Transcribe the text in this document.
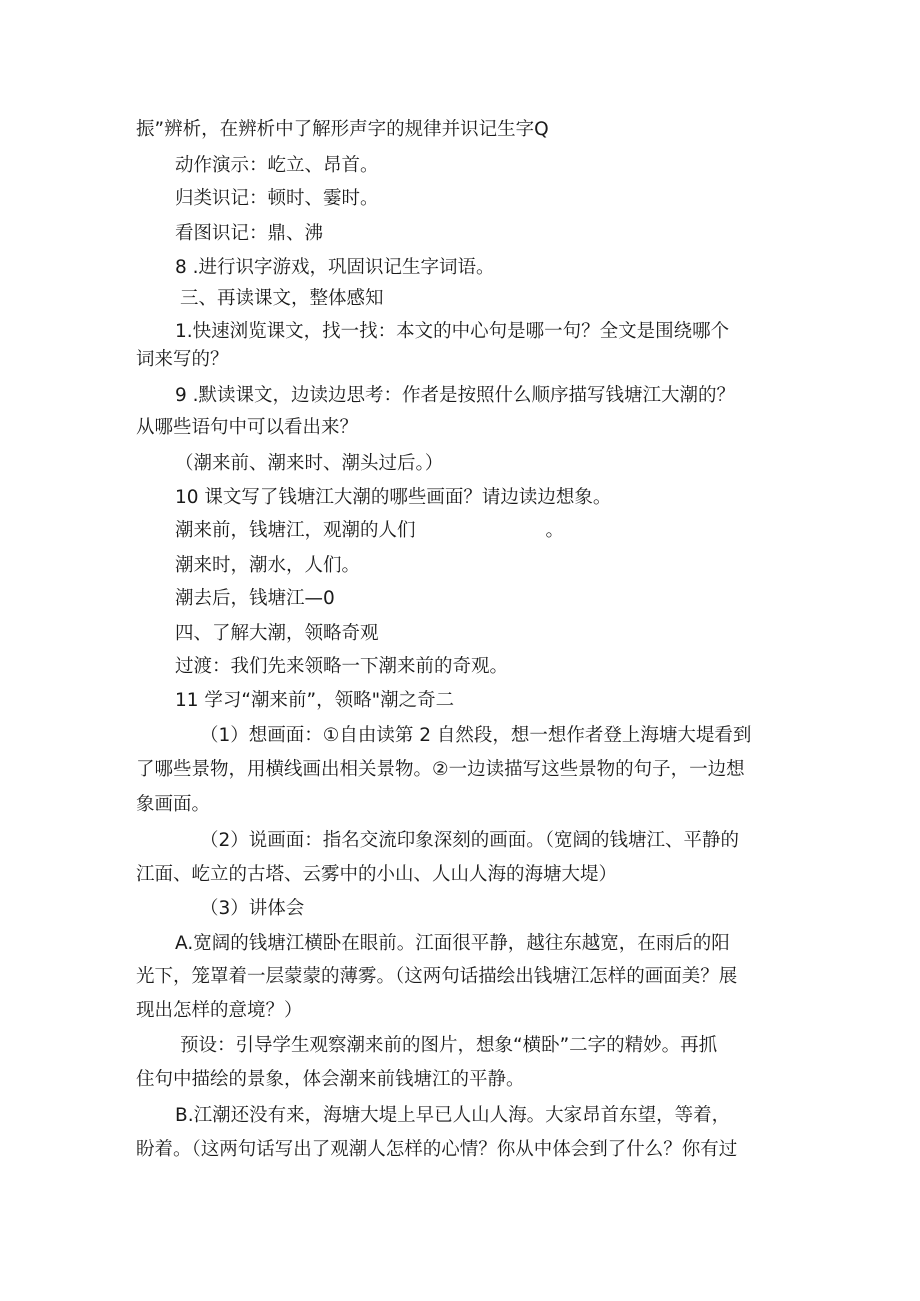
振”辨析，在辨析中了解形声字的规律并识记生字Q
动作演示：屹立、昂首。
归类识记：顿时、霎时。
看图识记：鼎、沸
8 .进行识字游戏，巩固识记生字词语。
三、再读课文，整体感知
1.快速浏览课文，找一找：本文的中心句是哪一句？全文是围绕哪个
词来写的？
9 .默读课文，边读边思考：作者是按照什么顺序描写钱塘江大潮的？
从哪些语句中可以看出来？
（潮来前、潮来时、潮头过后。）
10 课文写了钱塘江大潮的哪些画面？请边读边想象。
潮来前，钱塘江，观潮的人们	。
潮来时，潮水，人们。
潮去后，钱塘江—0
四、了解大潮，领略奇观
过渡：我们先来领略一下潮来前的奇观。
11 学习“潮来前”，领略"潮之奇二
（1）想画面：①自由读第 2 自然段，想一想作者登上海塘大堤看到
了哪些景物，用横线画出相关景物。②一边读描写这些景物的句子，一边想
象画面。
（2）说画面：指名交流印象深刻的画面。（宽阔的钱塘江、平静的
江面、屹立的古塔、云雾中的小山、人山人海的海塘大堤）
（3）讲体会
A.宽阔的钱塘江横卧在眼前。江面很平静，越往东越宽，在雨后的阳
光下，笼罩着一层蒙蒙的薄雾。（这两句话描绘出钱塘江怎样的画面美？展
现出怎样的意境？）
预设：引导学生观察潮来前的图片，想象“横卧”二字的精妙。再抓
住句中描绘的景象，体会潮来前钱塘江的平静。
B.江潮还没有来，海塘大堤上早已人山人海。大家昂首东望，等着，
盼着。（这两句话写出了观潮人怎样的心情？你从中体会到了什么？你有过
